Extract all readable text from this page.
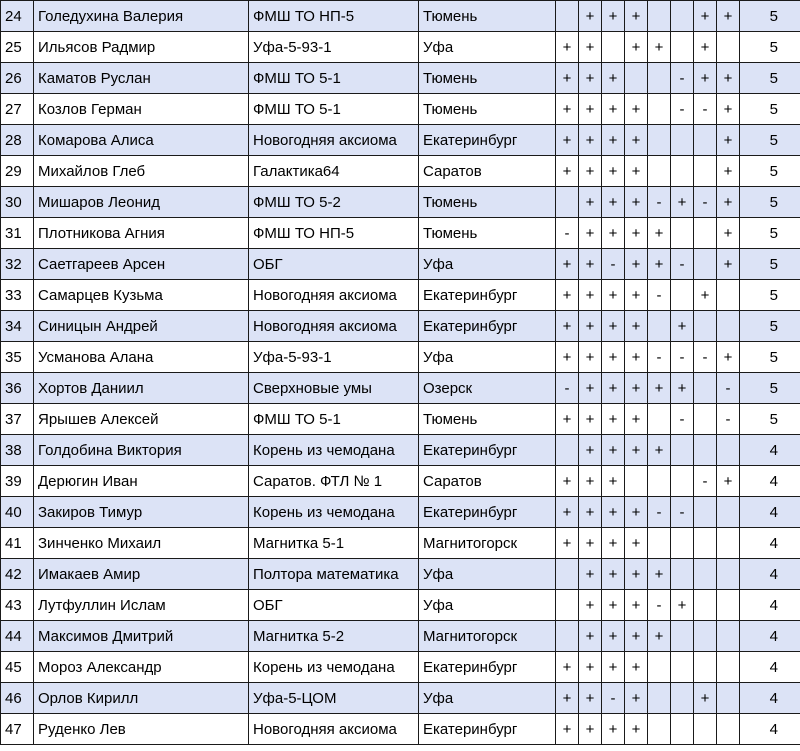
24	Голедухина Валерия	ФМШ ТО НП-5	Тюмень		+	+	+			+	+	5
25	Ильясов Радмир	Уфа-5-93-1	Уфа	+	+		+	+		+		5
26	Каматов Руслан	ФМШ ТО 5-1	Тюмень	+	+	+			-	+	+	5
27	Козлов Герман	ФМШ ТО 5-1	Тюмень	+	+	+	+		-	-	+	5
28	Комарова Алиса	Новогодняя аксиома	Екатеринбург	+	+	+	+				+	5
29	Михайлов Глеб	Галактика64	Саратов	+	+	+	+				+	5
30	Мишаров Леонид	ФМШ ТО 5-2	Тюмень		+	+	+	-	+	-	+	5
31	Плотникова Агния	ФМШ ТО НП-5	Тюмень	-	+	+	+	+			+	5
32	Саетгареев Арсен	ОБГ	Уфа	+	+	-	+	+	-		+	5
33	Самарцев Кузьма	Новогодняя аксиома	Екатеринбург	+	+	+	+	-		+		5
34	Синицын Андрей	Новогодняя аксиома	Екатеринбург	+	+	+	+		+			5
35	Усманова Алана	Уфа-5-93-1	Уфа	+	+	+	+	-	-	-	+	5
36	Хортов Даниил	Сверхновые умы	Озерск	-	+	+	+	+	+		-	5
37	Ярышев Алексей	ФМШ ТО 5-1	Тюмень	+	+	+	+		-		-	5
38	Голдобина Виктория	Корень из чемодана	Екатеринбург		+	+	+	+				4
39	Дерюгин Иван	Саратов. ФТЛ № 1	Саратов	+	+	+				-	+	4
40	Закиров Тимур	Корень из чемодана	Екатеринбург	+	+	+	+	-	-			4
41	Зинченко Михаил	Магнитка 5-1	Магнитогорск	+	+	+	+					4
42	Имакаев Амир	Полтора математика	Уфа		+	+	+	+				4
43	Лутфуллин Ислам	ОБГ	Уфа		+	+	+	-	+			4
44	Максимов Дмитрий	Магнитка 5-2	Магнитогорск		+	+	+	+				4
45	Мороз Александр	Корень из чемодана	Екатеринбург	+	+	+	+					4
46	Орлов Кирилл	Уфа-5-ЦОМ	Уфа	+	+	-	+			+		4
47	Руденко Лев	Новогодняя аксиома	Екатеринбург	+	+	+	+					4
